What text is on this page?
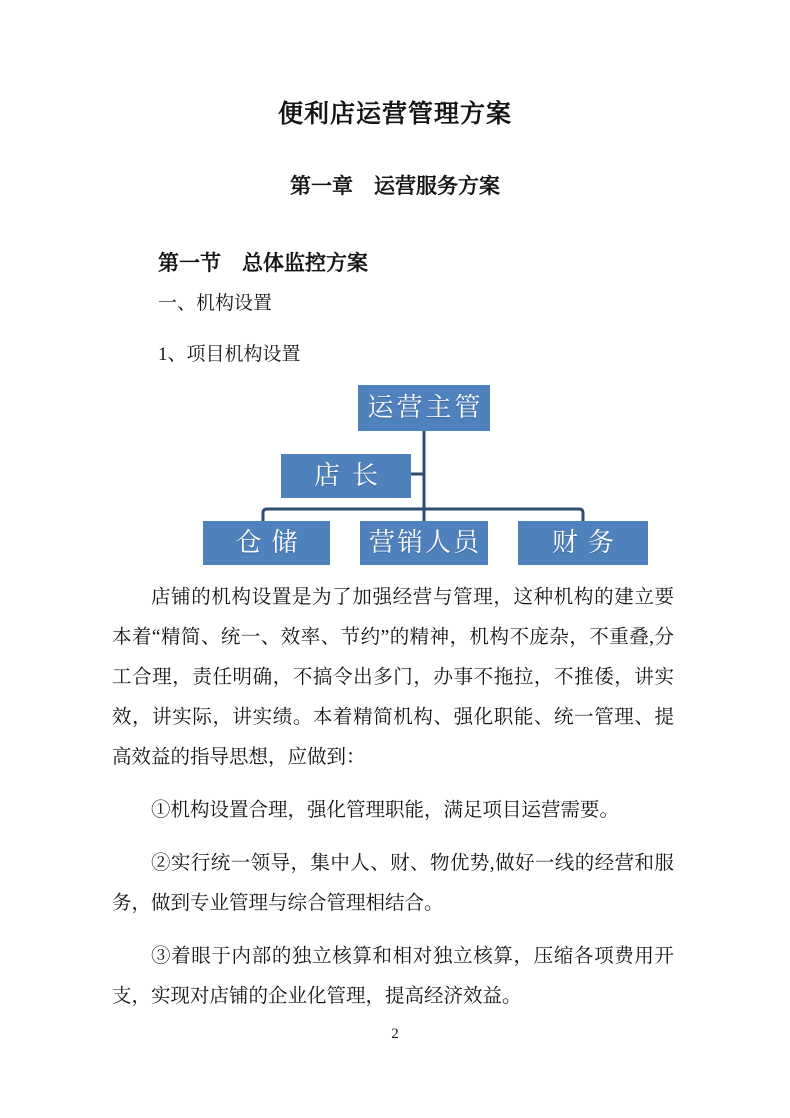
便利店运营管理方案
第一章　运营服务方案
第一节　总体监控方案
一、机构设置
1、项目机构设置
运营主管
店长
仓储	营销人员	财务

店铺的机构设置是为了加强经营与管理，这种机构的建立要本着“精简、统一、效率、节约”的精神，机构不庞杂，不重叠,分工合理，责任明确，不搞令出多门，办事不拖拉，不推倭，讲实效，讲实际，讲实绩。本着精简机构、强化职能、统一管理、提高效益的指导思想，应做到：

①机构设置合理，强化管理职能，满足项目运营需要。

②实行统一领导，集中人、财、物优势,做好一线的经营和服务，做到专业管理与综合管理相结合。

③着眼于内部的独立核算和相对独立核算，压缩各项费用开支，实现对店铺的企业化管理，提高经济效益。

2
